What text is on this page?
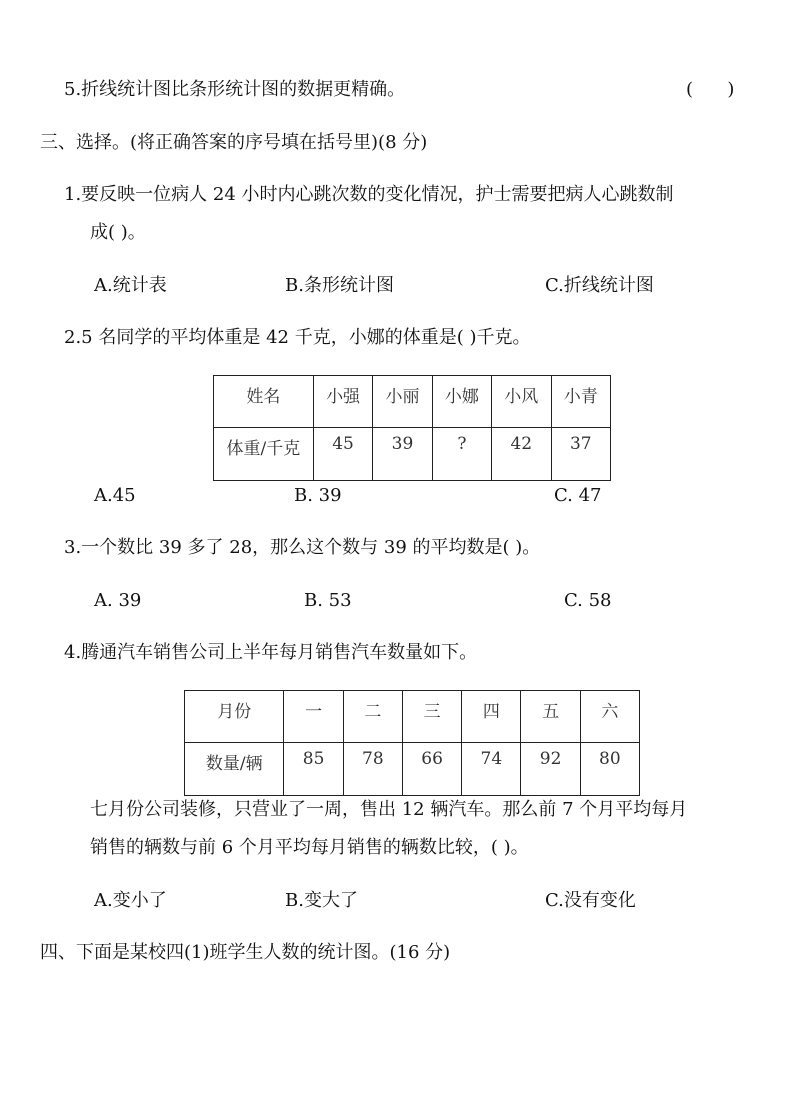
5.折线统计图比条形统计图的数据更精确。	(      )
三、选择。(将正确答案的序号填在括号里)(8 分)
1.要反映一位病人 24 小时内心跳次数的变化情况，护士需要把病人心跳数制
成( )。
A.统计表	B.条形统计图	C.折线统计图
2.5 名同学的平均体重是 42 千克，小娜的体重是( )千克。
姓名	小强	小丽	小娜	小风	小青
体重/千克	45	39	?	42	37
A.45	B. 39	C. 47
3.一个数比 39 多了 28，那么这个数与 39 的平均数是( )。
A. 39	B. 53	C. 58
4.腾通汽车销售公司上半年每月销售汽车数量如下。
月份	一	二	三	四	五	六
数量/辆	85	78	66	74	92	80
七月份公司装修，只营业了一周，售出 12 辆汽车。那么前 7 个月平均每月
销售的辆数与前 6 个月平均每月销售的辆数比较，( )。
A.变小了	B.变大了	C.没有变化
四、下面是某校四(1)班学生人数的统计图。(16 分)
